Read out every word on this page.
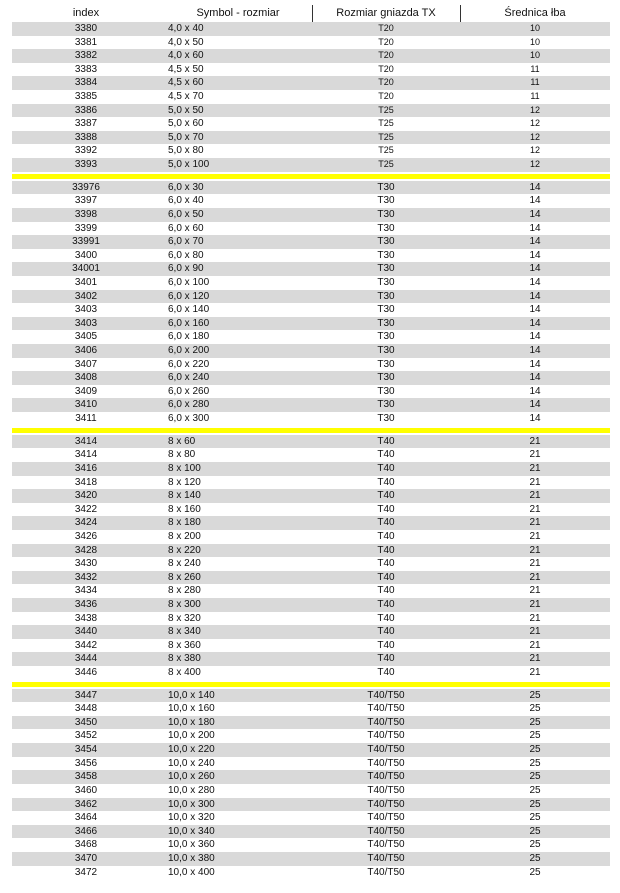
index	Symbol - rozmiar	Rozmiar gniazda TX	Średnica łba
3380	4,0 x 40	T20	10
3381	4,0 x 50	T20	10
3382	4,0 x 60	T20	10
3383	4,5 x 50	T20	11
3384	4,5 x 60	T20	11
3385	4,5 x 70	T20	11
3386	5,0 x 50	T25	12
3387	5,0 x 60	T25	12
3388	5,0 x 70	T25	12
3392	5,0 x 80	T25	12
3393	5,0 x 100	T25	12
33976	6,0 x 30	T30	14
3397	6,0 x 40	T30	14
3398	6,0 x 50	T30	14
3399	6,0 x 60	T30	14
33991	6,0 x 70	T30	14
3400	6,0 x 80	T30	14
34001	6,0 x 90	T30	14
3401	6,0 x 100	T30	14
3402	6,0 x 120	T30	14
3403	6,0 x 140	T30	14
3403	6,0 x 160	T30	14
3405	6,0 x 180	T30	14
3406	6,0 x 200	T30	14
3407	6,0 x 220	T30	14
3408	6,0 x 240	T30	14
3409	6,0 x 260	T30	14
3410	6,0 x 280	T30	14
3411	6,0 x 300	T30	14
3414	8 x 60	T40	21
3414	8 x 80	T40	21
3416	8 x 100	T40	21
3418	8 x 120	T40	21
3420	8 x 140	T40	21
3422	8 x 160	T40	21
3424	8 x 180	T40	21
3426	8 x 200	T40	21
3428	8 x 220	T40	21
3430	8 x 240	T40	21
3432	8 x 260	T40	21
3434	8 x 280	T40	21
3436	8 x 300	T40	21
3438	8 x 320	T40	21
3440	8 x 340	T40	21
3442	8 x 360	T40	21
3444	8 x 380	T40	21
3446	8 x 400	T40	21
3447	10,0 x 140	T40/T50	25
3448	10,0 x 160	T40/T50	25
3450	10,0 x 180	T40/T50	25
3452	10,0 x 200	T40/T50	25
3454	10,0 x 220	T40/T50	25
3456	10,0 x 240	T40/T50	25
3458	10,0 x 260	T40/T50	25
3460	10,0 x 280	T40/T50	25
3462	10,0 x 300	T40/T50	25
3464	10,0 x 320	T40/T50	25
3466	10,0 x 340	T40/T50	25
3468	10,0 x 360	T40/T50	25
3470	10,0 x 380	T40/T50	25
3472	10,0 x 400	T40/T50	25
